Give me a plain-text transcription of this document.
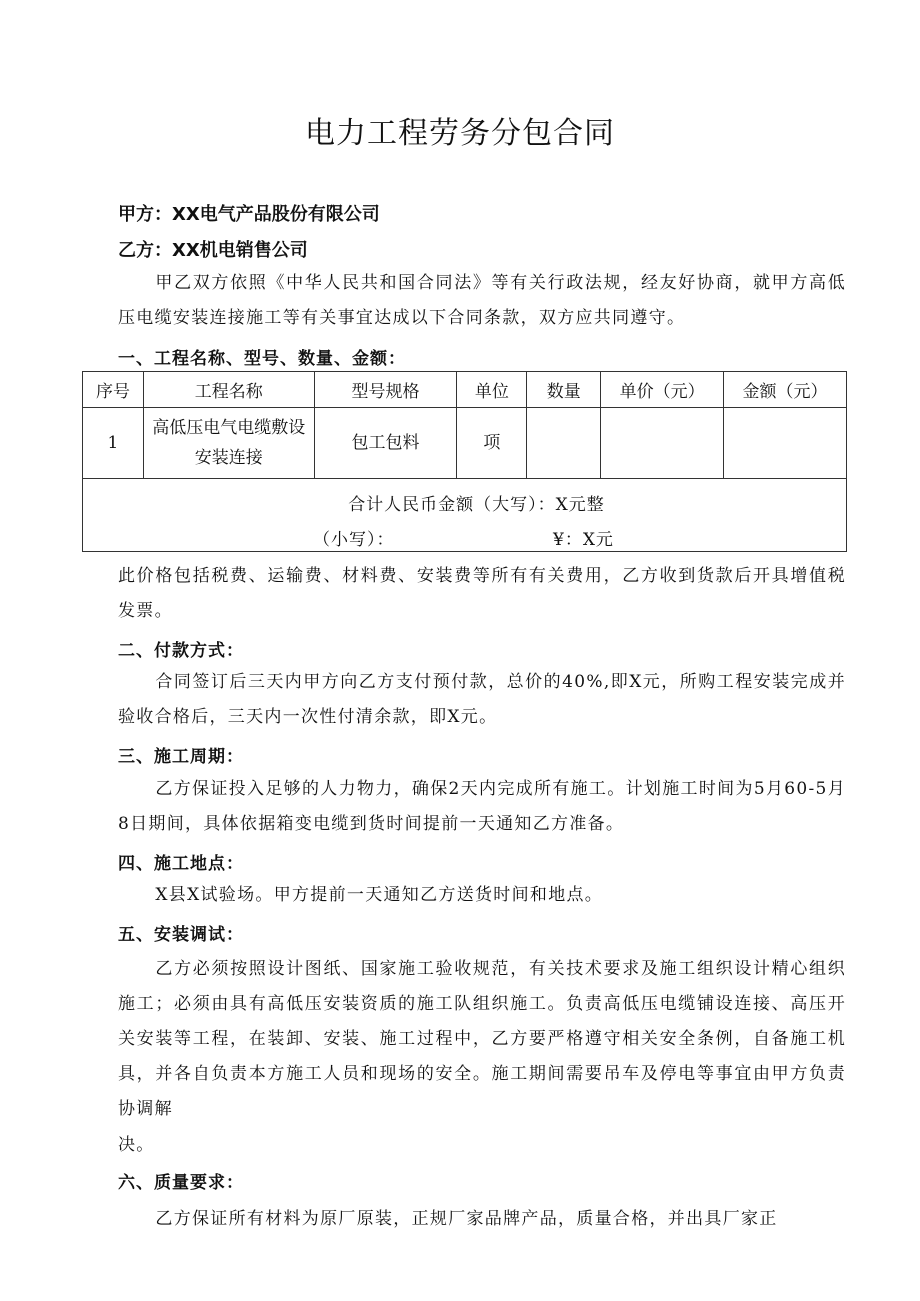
电力工程劳务分包合同
甲方：XX电气产品股份有限公司
乙方：XX机电销售公司
甲乙双方依照《中华人民共和国合同法》等有关行政法规，经友好协商，就甲方高低压电缆安装连接施工等有关事宜达成以下合同条款，双方应共同遵守。
一、工程名称、型号、数量、金额：
序号	工程名称	型号规格	单位	数量	单价（元）	金额（元）
1	高低压电气电缆敷设安装连接	包工包料	项			

合计人民币金额（大写）：X元整
（小写）： ¥：X元						
此价格包括税费、运输费、材料费、安装费等所有有关费用，乙方收到货款后开具增值税发票。
二、付款方式：
合同签订后三天内甲方向乙方支付预付款，总价的40%,即X元，所购工程安装完成并验收合格后，三天内一次性付清余款，即X元。
三、施工周期：
乙方保证投入足够的人力物力，确保2天内完成所有施工。计划施工时间为5月60-5月8日期间，具体依据箱变电缆到货时间提前一天通知乙方准备。
四、施工地点：
X县X试验场。甲方提前一天通知乙方送货时间和地点。
五、安装调试：
乙方必须按照设计图纸、国家施工验收规范，有关技术要求及施工组织设计精心组织施工；必须由具有高低压安装资质的施工队组织施工。负责高低压电缆铺设连接、高压开关安装等工程，在装卸、安装、施工过程中，乙方要严格遵守相关安全条例，自备施工机具，并各自负责本方施工人员和现场的安全。施工期间需要吊车及停电等事宜由甲方负责协调解
决。
六、质量要求：
乙方保证所有材料为原厂原装，正规厂家品牌产品，质量合格，并出具厂家正
